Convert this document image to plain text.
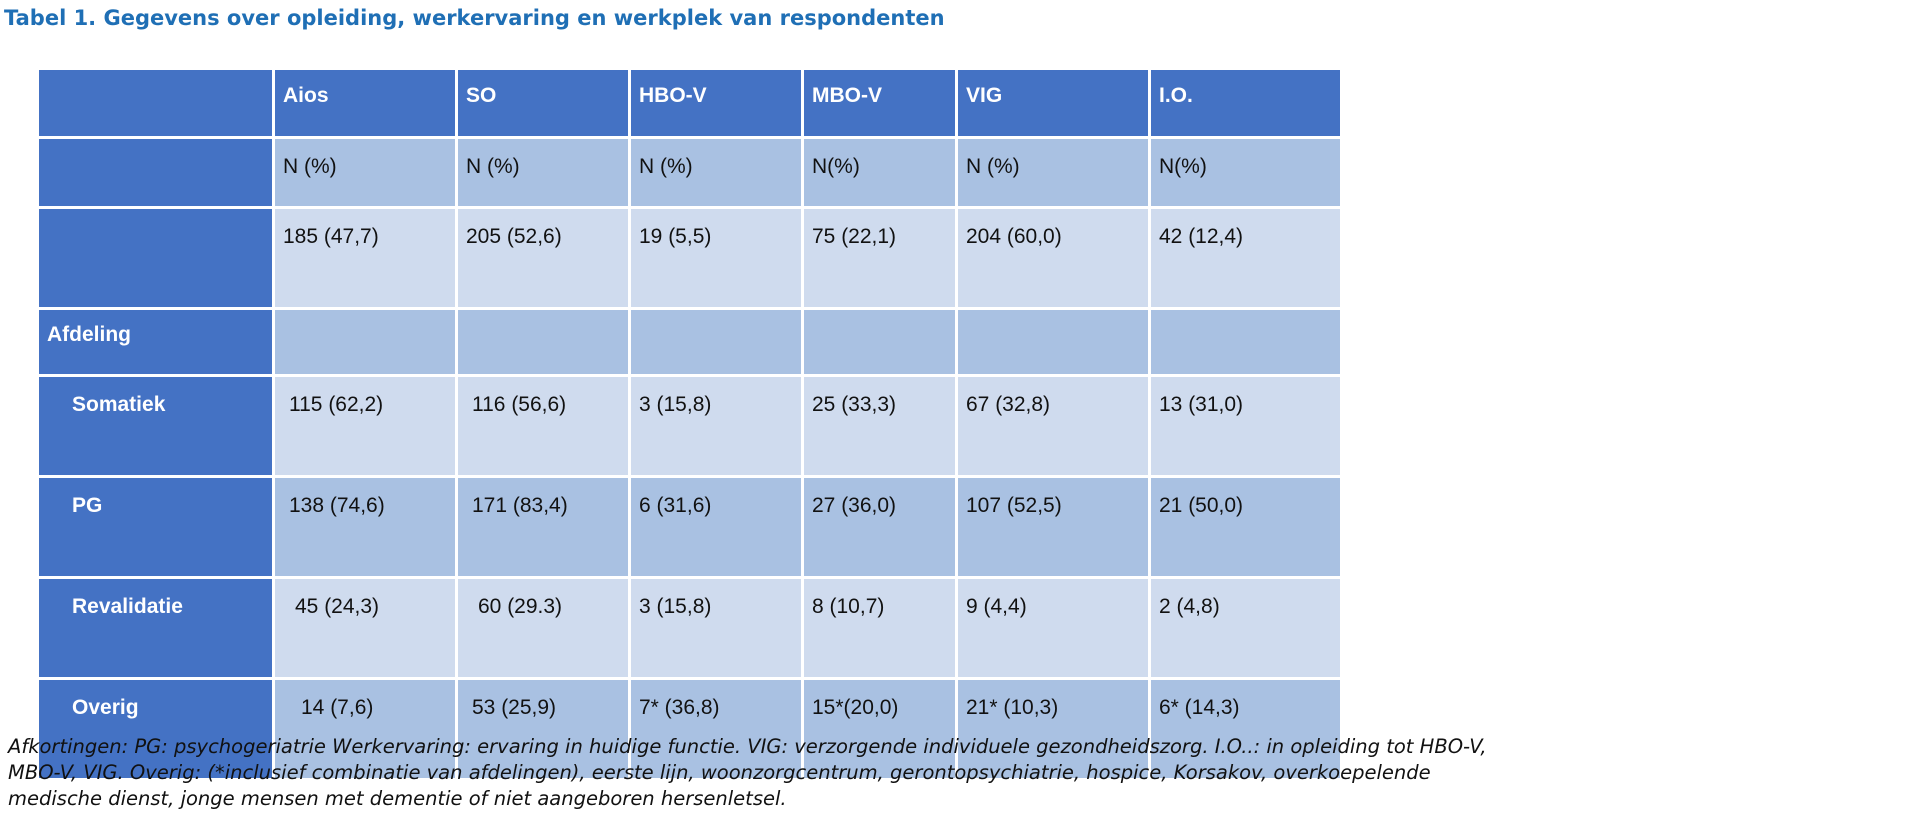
Tabel 1. Gegevens over opleiding, werkervaring en werkplek van respondenten
	Aios	SO	HBO-V	MBO-V	VIG	I.O.
	N (%)	N (%)	N (%)	N(%)	N (%)	N(%)
	185 (47,7)	205 (52,6)	19 (5,5)	75 (22,1)	204 (60,0)	42 (12,4)
Afdeling						
Somatiek	115 (62,2)	116 (56,6)	3 (15,8)	25 (33,3)	67 (32,8)	13 (31,0)
PG	138 (74,6)	171 (83,4)	6 (31,6)	27 (36,0)	107 (52,5)	21 (50,0)
Revalidatie	45 (24,3)	60 (29.3)	3 (15,8)	8 (10,7)	9 (4,4)	2 (4,8)
Overig	14 (7,6)	53 (25,9)	7* (36,8)	15*(20,0)	21* (10,3)	6* (14,3)
Afkortingen: PG: psychogeriatrie Werkervaring: ervaring in huidige functie. VIG: verzorgende individuele gezondheidszorg. I.O..: in opleiding tot HBO-V,
MBO-V, VIG. Overig: (*inclusief combinatie van afdelingen), eerste lijn, woonzorgcentrum, gerontopsychiatrie, hospice, Korsakov, overkoepelende
medische dienst, jonge mensen met dementie of niet aangeboren hersenletsel.
